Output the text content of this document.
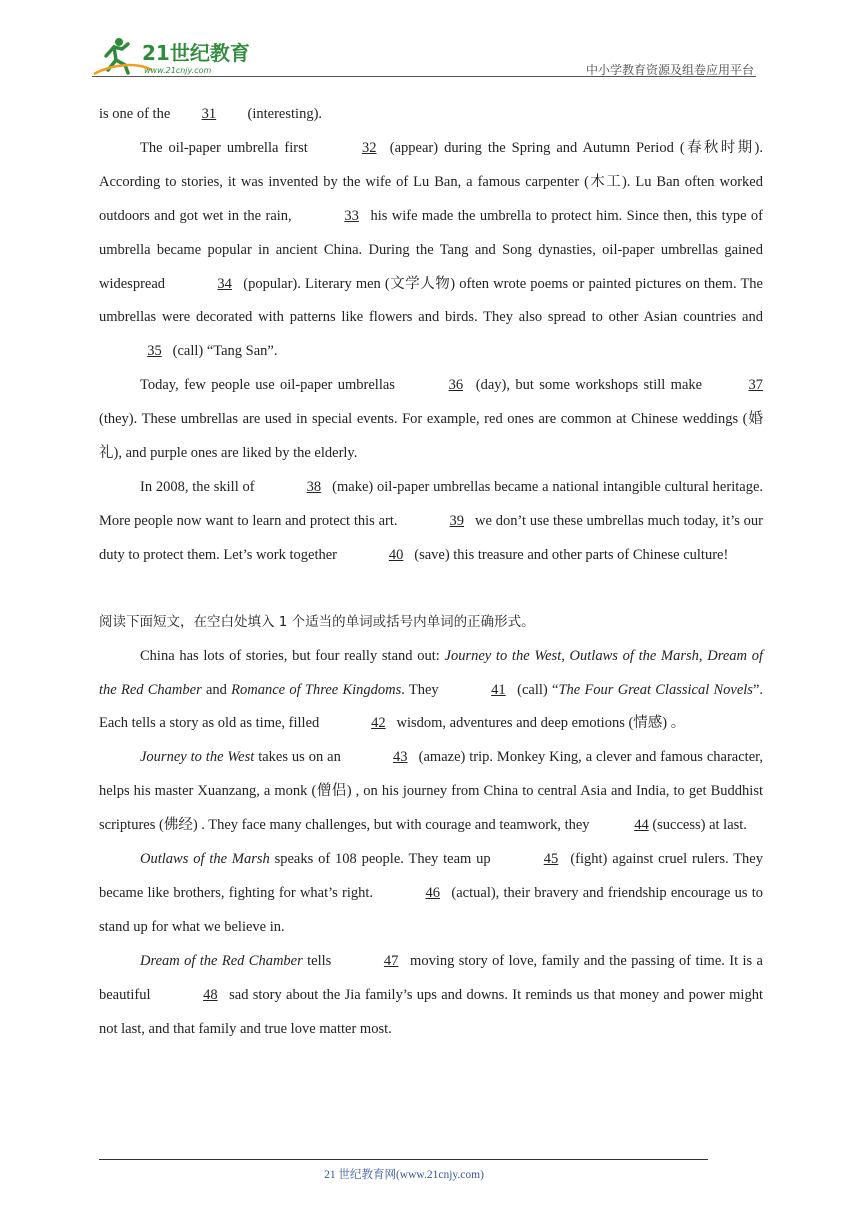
21世纪教育
www.21cnjy.com	中小学教育资源及组卷应用平台

is one of the 31 (interesting).

The oil-paper umbrella first	32 (appear) during the Spring and Autumn Period (春秋时期). According to stories, it was invented by the wife of Lu Ban, a famous carpenter (木工). Lu Ban often worked outdoors and got wet in the rain,	33 his wife made the umbrella to protect him. Since then, this type of umbrella became popular in ancient China. During the Tang and Song dynasties, oil-paper umbrellas gained widespread	34 (popular). Literary men (文学人物) often wrote poems or painted pictures on them. The umbrellas were decorated with patterns like flowers and birds. They also spread to other Asian countries and 35 (call) “Tang San”.

Today, few people use oil-paper umbrellas	36 (day), but some workshops still make	37 (they). These umbrellas are used in special events. For example, red ones are common at Chinese weddings (婚礼), and purple ones are liked by the elderly.

In 2008, the skill of	38 (make) oil-paper umbrellas became a national intangible cultural heritage. More people now want to learn and protect this art.	39 we don’t use these umbrellas much today, it’s our duty to protect them. Let’s work together	40 (save) this treasure and other parts of Chinese culture!

阅读下面短文，在空白处填入 1 个适当的单词或括号内单词的正确形式。

China has lots of stories, but four really stand out: Journey to the West, Outlaws of the Marsh, Dream of the Red Chamber and Romance of Three Kingdoms. They	41 (call) “The Four Great Classical Novels”. Each tells a story as old as time, filled	42 wisdom, adventures and deep emotions (情感) 。

Journey to the West takes us on an	43 (amaze) trip. Monkey King, a clever and famous character, helps his master Xuanzang, a monk (僧侣) , on his journey from China to central Asia and India, to get Buddhist scriptures (佛经) . They face many challenges, but with courage and teamwork, they	44 (success) at last.

Outlaws of the Marsh speaks of 108 people. They team up	45 (fight) against cruel rulers. They became like brothers, fighting for what’s right.	46 (actual), their bravery and friendship encourage us to stand up for what we believe in.

Dream of the Red Chamber tells	47 moving story of love, family and the passing of time. It is a beautiful	48 sad story about the Jia family’s ups and downs. It reminds us that money and power might not last, and that family and true love matter most.

21 世纪教育网(www.21cnjy.com)
